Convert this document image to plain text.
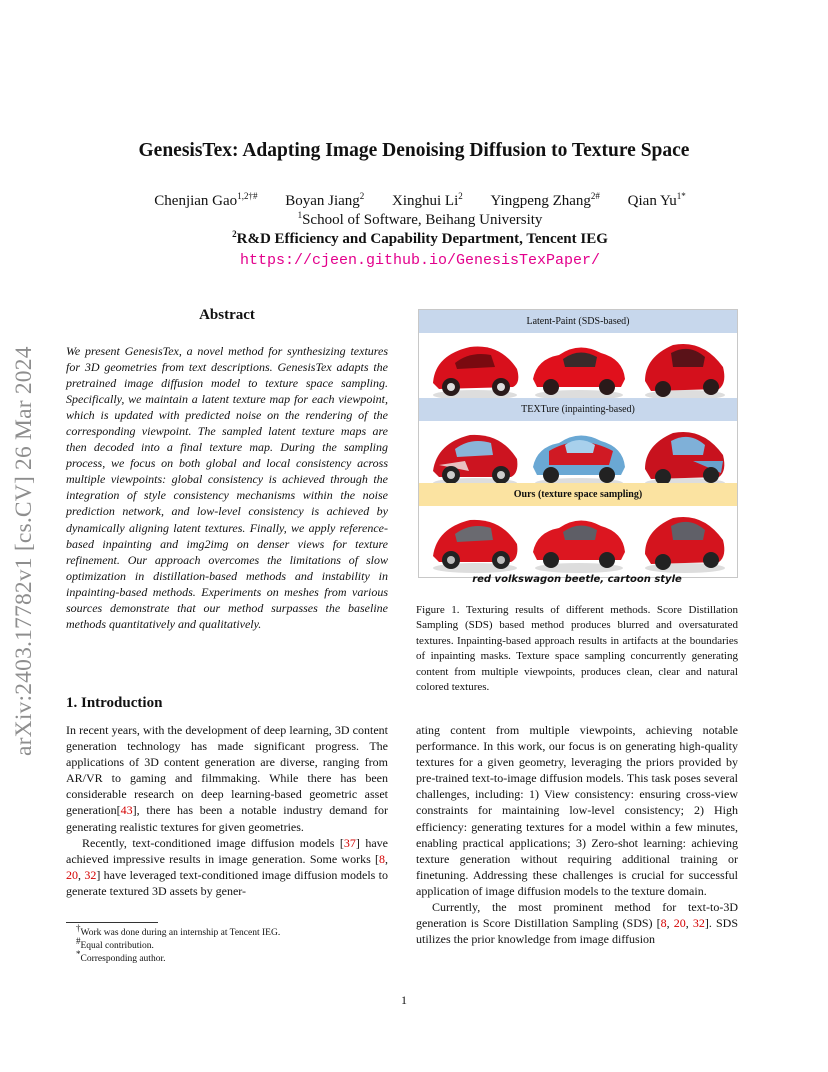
arXiv:2403.17782v1 [cs.CV] 26 Mar 2024
GenesisTex: Adapting Image Denoising Diffusion to Texture Space
Chenjian Gao$^{1,2\dagger\#}$ Boyan Jiang$^2$ Xinghui Li$^2$ Yingpeng Zhang$^{2\#}$ Qian $Yu^{1*}$
$^1$School of Software, Beihang University
$^2$R&D Efficiency and Capability Department, Tencent IEG
https://cjeen.github.io/GenesisTexPaper/
Abstract
We present GenesisTex, a novel method for synthesizing textures for 3D geometries from text descriptions. GenesisTex adapts the pretrained image diffusion model to texture space sampling. Specifically, we maintain a latent texture map for each viewpoint, which is updated with predicted noise on the rendering of the corresponding viewpoint. The sampled latent texture maps are then decoded into a final texture map. During the sampling process, we focus on both global and local consistency across multiple viewpoints: global consistency is achieved through the integration of style consistency mechanisms within the noise prediction network, and low-level consistency is achieved by dynamically aligning latent textures. Finally, we apply reference-based inpainting and img2img on denser views for texture refinement. Our approach overcomes the limitations of slow optimization in distillation-based methods and instability in inpainting-based methods. Experiments on meshes from various sources demonstrate that our method surpasses the baseline methods quantitatively and qualitatively.
Latent-Paint (SDS-based)
TEXTure (inpainting-based)
Ours (texture space sampling)
red volkswagon beetle, cartoon style
Figure 1. Texturing results of different methods. Score Distillation Sampling (SDS) based method produces blurred and oversaturated textures. Inpainting-based approach results in artifacts at the boundaries of inpainting masks. Texture space sampling concurrently generating content from multiple viewpoints, produces clean, clear and natural colored textures.
1. Introduction

In recent years, with the development of deep learning, 3D content generation technology has made significant progress. The applications of 3D content generation are diverse, ranging from AR/VR to gaming and filmmaking. While there has been considerable research on deep learning-based geometric asset generation[43], there has been a notable industry demand for generating realistic textures for given geometries.

Recently, text-conditioned image diffusion models [37] have achieved impressive results in image generation. Some works [8, 20, 32] have leveraged text-conditioned image diffusion models to generate textured 3D assets by gener-

ating content from multiple viewpoints, achieving notable performance. In this work, our focus is on generating high-quality textures for a given geometry, leveraging the priors provided by pre-trained text-to-image diffusion models. This task poses several challenges, including: 1) View consistency: ensuring cross-view constraints for maintaining low-level consistency; 2) High efficiency: generating textures for a model within a few minutes, enabling practical applications; 3) Zero-shot learning: achieving texture generation without requiring additional training or finetuning. Addressing these challenges is crucial for successful application of image diffusion models to the texture domain.

Currently, the most prominent method for text-to-3D generation is Score Distillation Sampling (SDS) [8, 20, 32]. SDS utilizes the prior knowledge from image diffusion

†Work was done during an internship at Tencent IEG.
#Equal contribution.
*Corresponding author.
1
